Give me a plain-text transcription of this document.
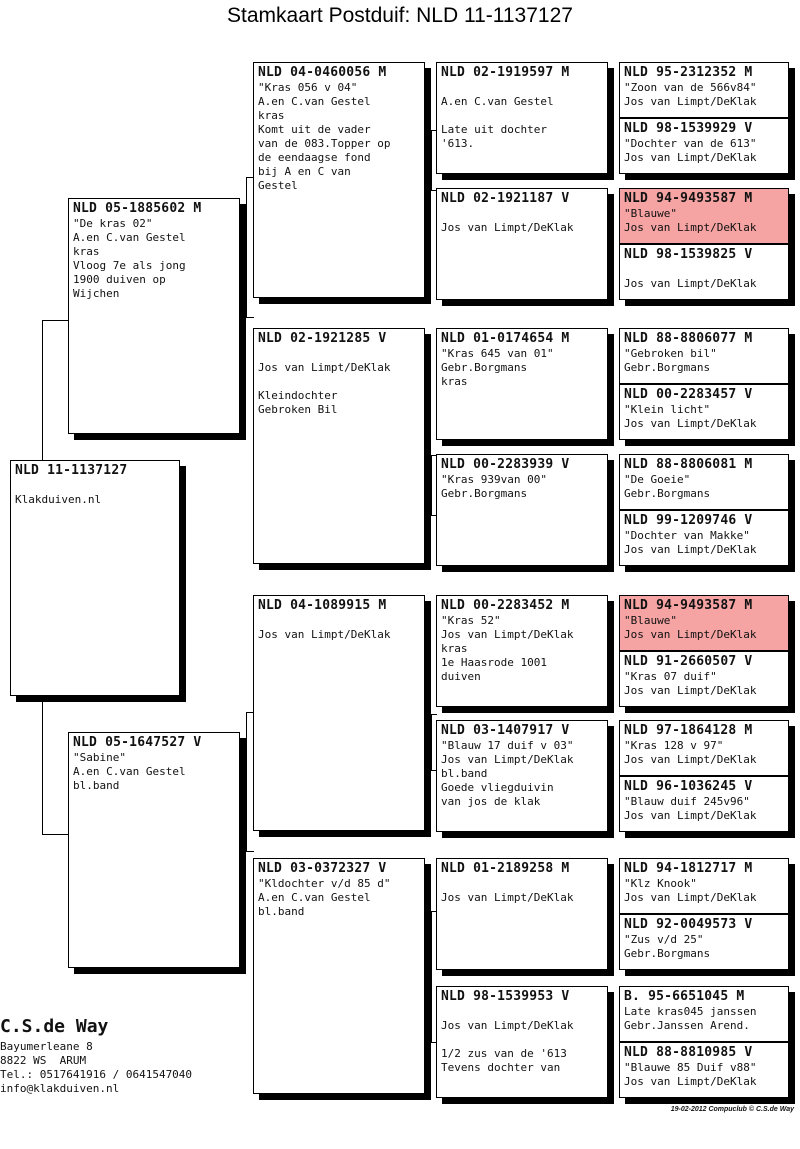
Stamkaart Postduif: NLD 11-1137127
NLD 11-1137127

Klakduiven.nl
NLD 05-1885602 M
"De kras 02"
A.en C.van Gestel
kras
Vloog 7e als jong
1900 duiven op
Wijchen
NLD 05-1647527 V
"Sabine"
A.en C.van Gestel
bl.band
NLD 04-0460056 M
"Kras 056 v 04"
A.en C.van Gestel
kras
Komt uit de vader
van de 083.Topper op
de eendaagse fond
bij A en C van
Gestel
NLD 02-1921285 V

Jos van Limpt/DeKlak

Kleindochter
Gebroken Bil
NLD 04-1089915 M

Jos van Limpt/DeKlak
NLD 03-0372327 V
"Kldochter v/d 85 d"
A.en C.van Gestel
bl.band
NLD 02-1919597 M

A.en C.van Gestel

Late uit dochter
'613.
NLD 02-1921187 V

Jos van Limpt/DeKlak
NLD 01-0174654 M
"Kras 645 van 01"
Gebr.Borgmans
kras
NLD 00-2283939 V
"Kras 939van 00"
Gebr.Borgmans
NLD 00-2283452 M
"Kras 52"
Jos van Limpt/DeKlak
kras
1e Haasrode 1001
duiven
NLD 03-1407917 V
"Blauw 17 duif v 03"
Jos van Limpt/DeKlak
bl.band
Goede vliegduivin
van jos de klak
NLD 01-2189258 M

Jos van Limpt/DeKlak
NLD 98-1539953 V

Jos van Limpt/DeKlak

1/2 zus van de '613
Tevens dochter van
NLD 95-2312352 M
"Zoon van de 566v84"
Jos van Limpt/DeKlak
NLD 98-1539929 V
"Dochter van de 613"
Jos van Limpt/DeKlak
NLD 94-9493587 M
"Blauwe"
Jos van Limpt/DeKlak
NLD 98-1539825 V

Jos van Limpt/DeKlak
NLD 88-8806077 M
"Gebroken bil"
Gebr.Borgmans
NLD 00-2283457 V
"Klein licht"
Jos van Limpt/DeKlak
NLD 88-8806081 M
"De Goeie"
Gebr.Borgmans
NLD 99-1209746 V
"Dochter van Makke"
Jos van Limpt/DeKlak
NLD 94-9493587 M
"Blauwe"
Jos van Limpt/DeKlak
NLD 91-2660507 V
"Kras 07 duif"
Jos van Limpt/DeKlak
NLD 97-1864128 M
"Kras 128 v 97"
Jos van Limpt/DeKlak
NLD 96-1036245 V
"Blauw duif 245v96"
Jos van Limpt/DeKlak
NLD 94-1812717 M
"Klz Knook"
Jos van Limpt/DeKlak
NLD 92-0049573 V
"Zus v/d 25"
Gebr.Borgmans
B. 95-6651045 M
Late kras045 janssen
Gebr.Janssen Arend.
NLD 88-8810985 V
"Blauwe 85 Duif v88"
Jos van Limpt/DeKlak
C.S.de Way
Bayumerleane 8
8822 WS  ARUM
Tel.: 0517641916 / 0641547040
info@klakduiven.nl
19-02-2012 Compuclub © C.S.de Way
